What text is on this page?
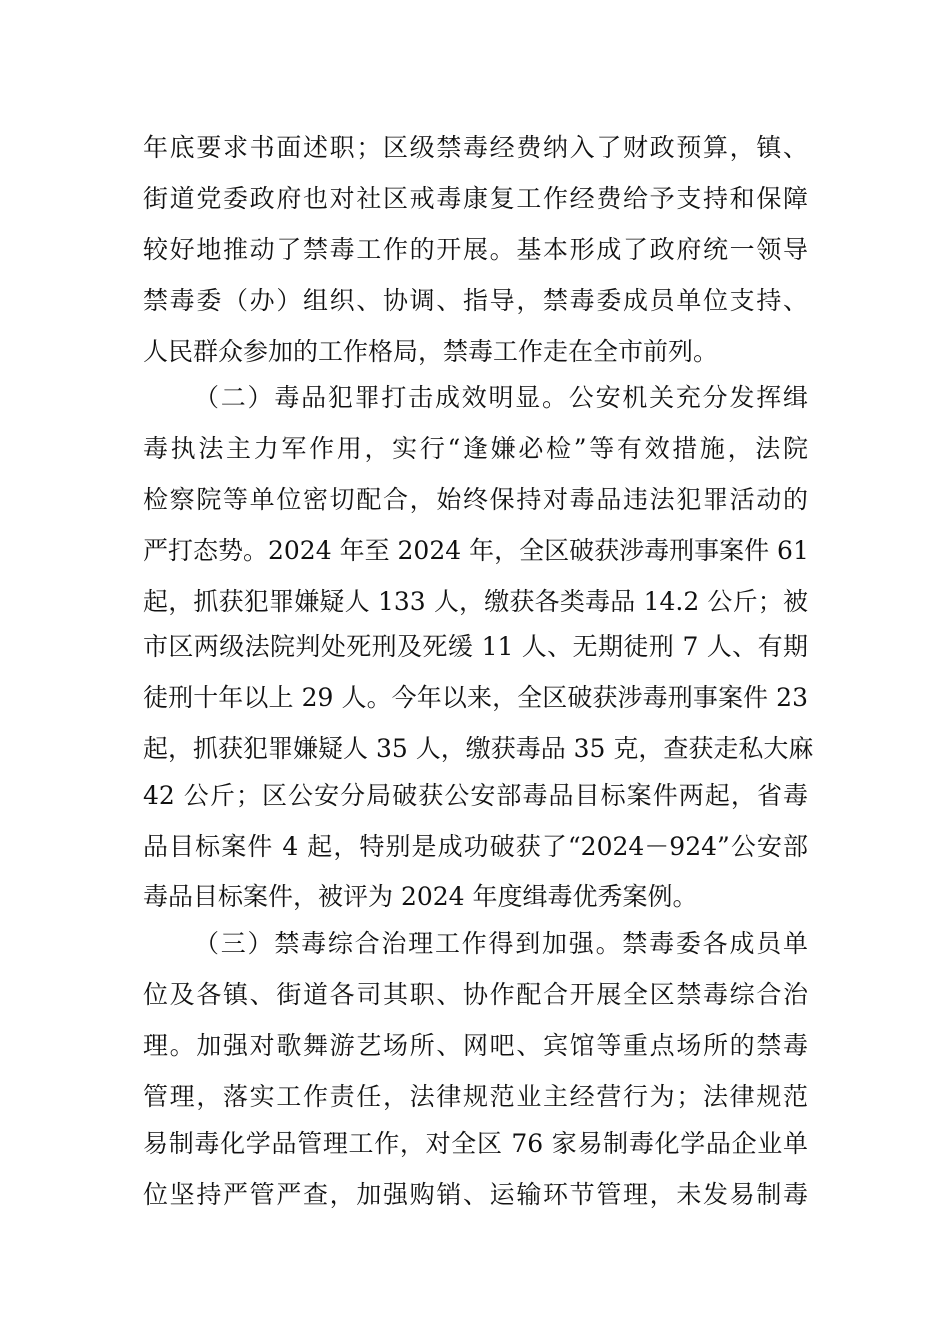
年底要求书面述职；区级禁毒经费纳入了财政预算，镇、
街道党委政府也对社区戒毒康复工作经费给予支持和保障
较好地推动了禁毒工作的开展。基本形成了政府统一领导
禁毒委（办）组织、协调、指导，禁毒委成员单位支持、
人民群众参加的工作格局，禁毒工作走在全市前列。
（二）毒品犯罪打击成效明显。公安机关充分发挥缉
毒执法主力军作用，实行“逢嫌必检”等有效措施，法院
检察院等单位密切配合，始终保持对毒品违法犯罪活动的
严打态势。2024 年至 2024 年，全区破获涉毒刑事案件 61
起，抓获犯罪嫌疑人 133 人，缴获各类毒品 14.2 公斤；被
市区两级法院判处死刑及死缓 11 人、无期徒刑 7 人、有期
徒刑十年以上 29 人。今年以来，全区破获涉毒刑事案件 23
起，抓获犯罪嫌疑人 35 人，缴获毒品 35 克，查获走私大麻
42 公斤；区公安分局破获公安部毒品目标案件两起，省毒
品目标案件 4 起，特别是成功破获了“2024－924”公安部
毒品目标案件，被评为 2024 年度缉毒优秀案例。
（三）禁毒综合治理工作得到加强。禁毒委各成员单
位及各镇、街道各司其职、协作配合开展全区禁毒综合治
理。加强对歌舞游艺场所、网吧、宾馆等重点场所的禁毒
管理，落实工作责任，法律规范业主经营行为；法律规范
易制毒化学品管理工作，对全区 76 家易制毒化学品企业单
位坚持严管严查，加强购销、运输环节管理，未发易制毒
